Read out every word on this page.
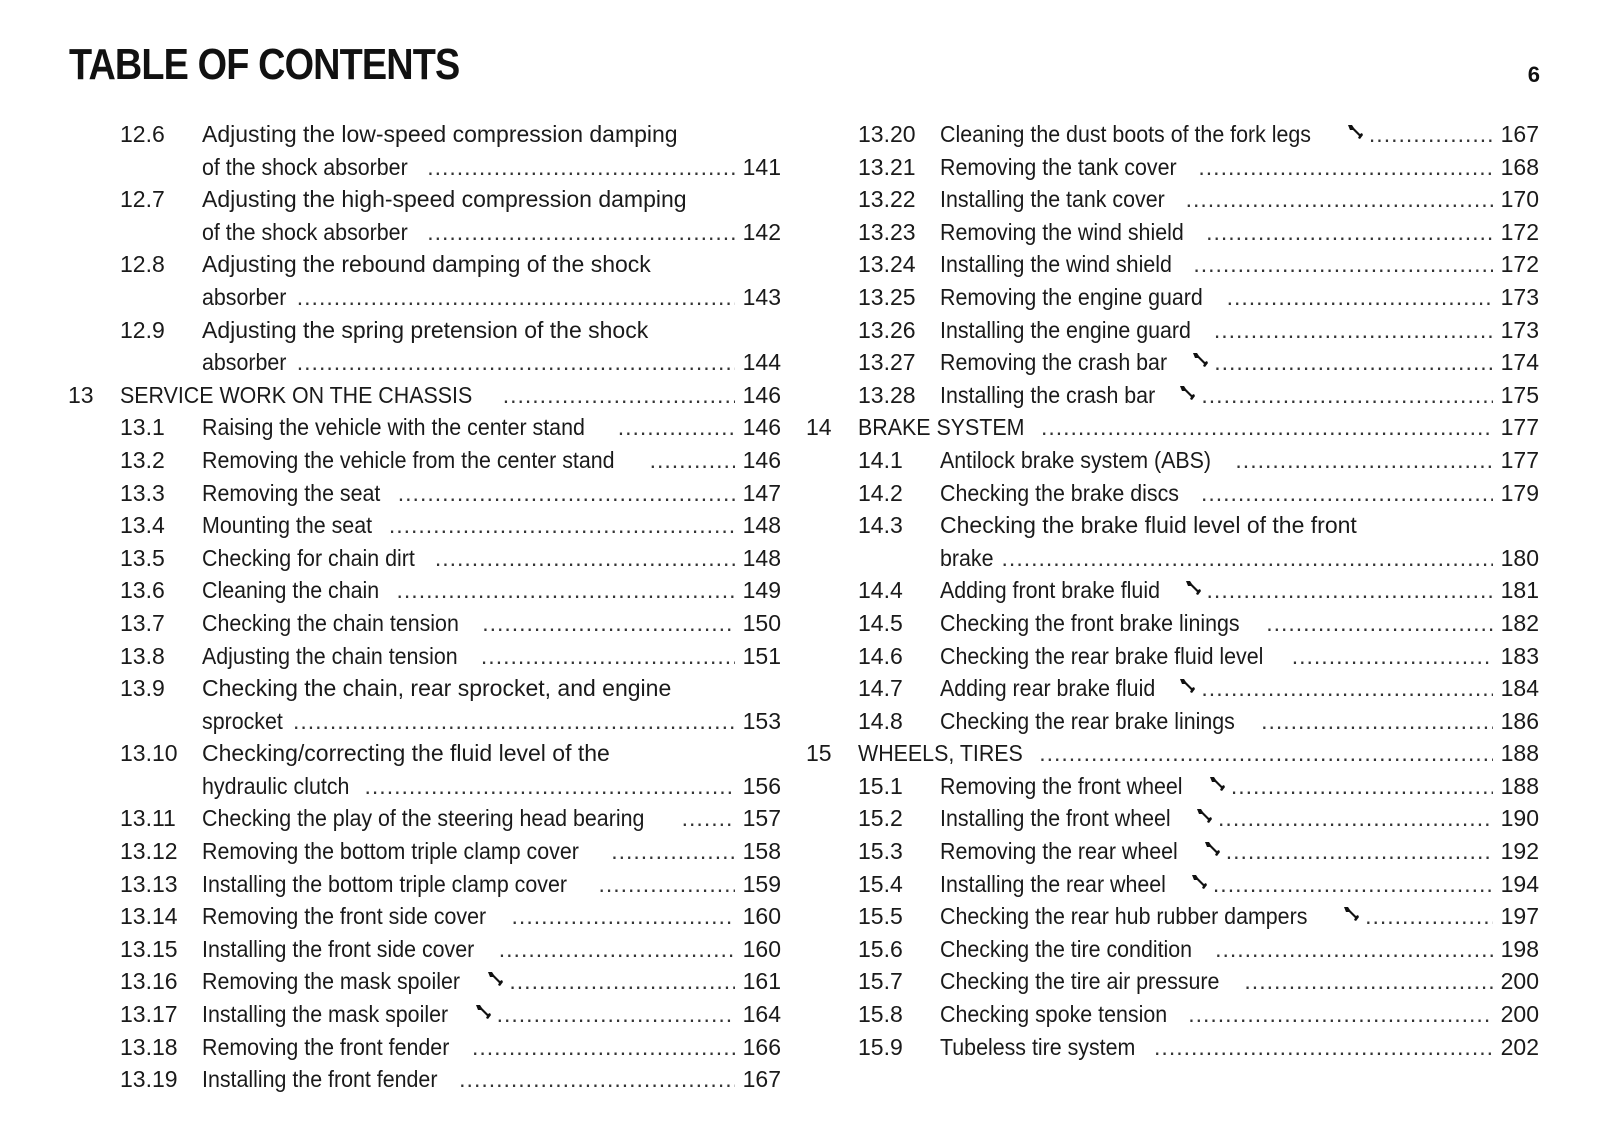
TABLE OF CONTENTS	6
12.6	Adjusting the low-speed compression damping
of the shock absorber .....	141
12.7	Adjusting the high-speed compression damping
of the shock absorber .....	142
12.8	Adjusting the rebound damping of the shock
absorber .....	143
12.9	Adjusting the spring pretension of the shock
absorber .....	144
13	SERVICE WORK ON THE CHASSIS .....	146
13.1	Raising the vehicle with the center stand .....	146
13.2	Removing the vehicle from the center stand .....	146
13.3	Removing the seat .....	147
13.4	Mounting the seat .....	148
13.5	Checking for chain dirt .....	148
13.6	Cleaning the chain .....	149
13.7	Checking the chain tension .....	150
13.8	Adjusting the chain tension .....	151
13.9	Checking the chain, rear sprocket, and engine
sprocket .....	153
13.10	Checking/correcting the fluid level of the
hydraulic clutch .....	156
13.11	Checking the play of the steering head bearing .....	157
13.12	Removing the bottom triple clamp cover .....	158
13.13	Installing the bottom triple clamp cover .....	159
13.14	Removing the front side cover .....	160
13.15	Installing the front side cover .....	160
13.16	Removing the mask spoiler .....	161
13.17	Installing the mask spoiler .....	164
13.18	Removing the front fender .....	166
13.19	Installing the front fender .....	167
13.20	Cleaning the dust boots of the fork legs .....	167
13.21	Removing the tank cover .....	168
13.22	Installing the tank cover .....	170
13.23	Removing the wind shield .....	172
13.24	Installing the wind shield .....	172
13.25	Removing the engine guard .....	173
13.26	Installing the engine guard .....	173
13.27	Removing the crash bar .....	174
13.28	Installing the crash bar .....	175
14	BRAKE SYSTEM .....	177
14.1	Antilock brake system (ABS) .....	177
14.2	Checking the brake discs .....	179
14.3	Checking the brake fluid level of the front
brake .....	180
14.4	Adding front brake fluid .....	181
14.5	Checking the front brake linings .....	182
14.6	Checking the rear brake fluid level .....	183
14.7	Adding rear brake fluid .....	184
14.8	Checking the rear brake linings .....	186
15	WHEELS, TIRES .....	188
15.1	Removing the front wheel .....	188
15.2	Installing the front wheel .....	190
15.3	Removing the rear wheel .....	192
15.4	Installing the rear wheel .....	194
15.5	Checking the rear hub rubber dampers .....	197
15.6	Checking the tire condition .....	198
15.7	Checking the tire air pressure .....	200
15.8	Checking spoke tension .....	200
15.9	Tubeless tire system .....	202
